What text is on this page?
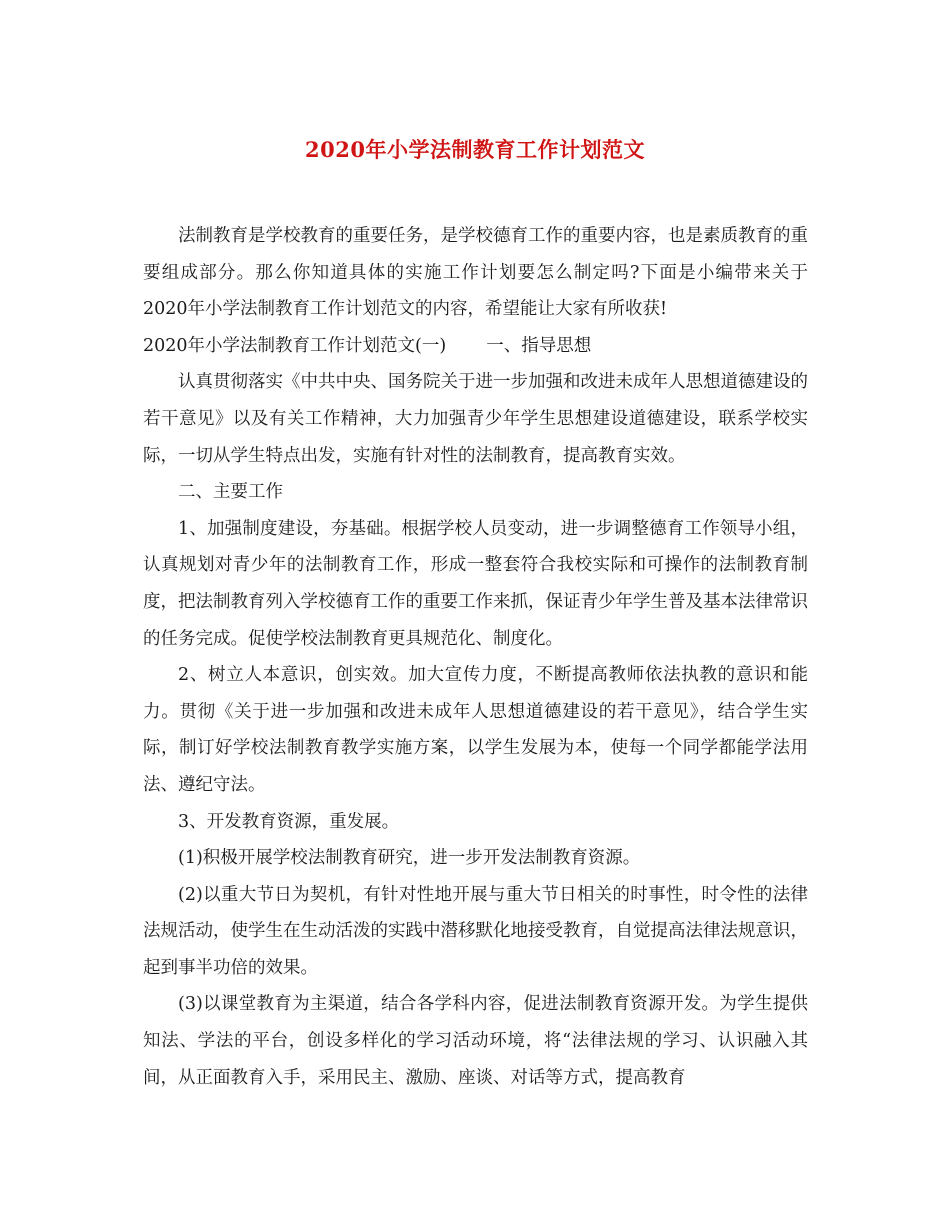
2020年小学法制教育工作计划范文

法制教育是学校教育的重要任务，是学校德育工作的重要内容，也是素质教育的重要组成部分。那么你知道具体的实施工作计划要怎么制定吗?下面是小编带来关于2020年小学法制教育工作计划范文的内容，希望能让大家有所收获!

2020年小学法制教育工作计划范文(一) 一、指导思想

认真贯彻落实《中共中央、国务院关于进一步加强和改进未成年人思想道德建设的若干意见》以及有关工作精神，大力加强青少年学生思想建设道德建设，联系学校实际，一切从学生特点出发，实施有针对性的法制教育，提高教育实效。

二、主要工作

1、加强制度建设，夯基础。根据学校人员变动，进一步调整德育工作领导小组，认真规划对青少年的法制教育工作，形成一整套符合我校实际和可操作的法制教育制度，把法制教育列入学校德育工作的重要工作来抓，保证青少年学生普及基本法律常识的任务完成。促使学校法制教育更具规范化、制度化。

2、树立人本意识，创实效。加大宣传力度，不断提高教师依法执教的意识和能力。贯彻《关于进一步加强和改进未成年人思想道德建设的若干意见》，结合学生实际，制订好学校法制教育教学实施方案，以学生发展为本，使每一个同学都能学法用法、遵纪守法。

3、开发教育资源，重发展。

(1)积极开展学校法制教育研究，进一步开发法制教育资源。

(2)以重大节日为契机，有针对性地开展与重大节日相关的时事性，时令性的法律法规活动，使学生在生动活泼的实践中潜移默化地接受教育，自觉提高法律法规意识，起到事半功倍的效果。

(3)以课堂教育为主渠道，结合各学科内容，促进法制教育资源开发。为学生提供知法、学法的平台，创设多样化的学习活动环境，将“法律法规的学习、认识融入其间，从正面教育入手，采用民主、激励、座谈、对话等方式，提高教育
